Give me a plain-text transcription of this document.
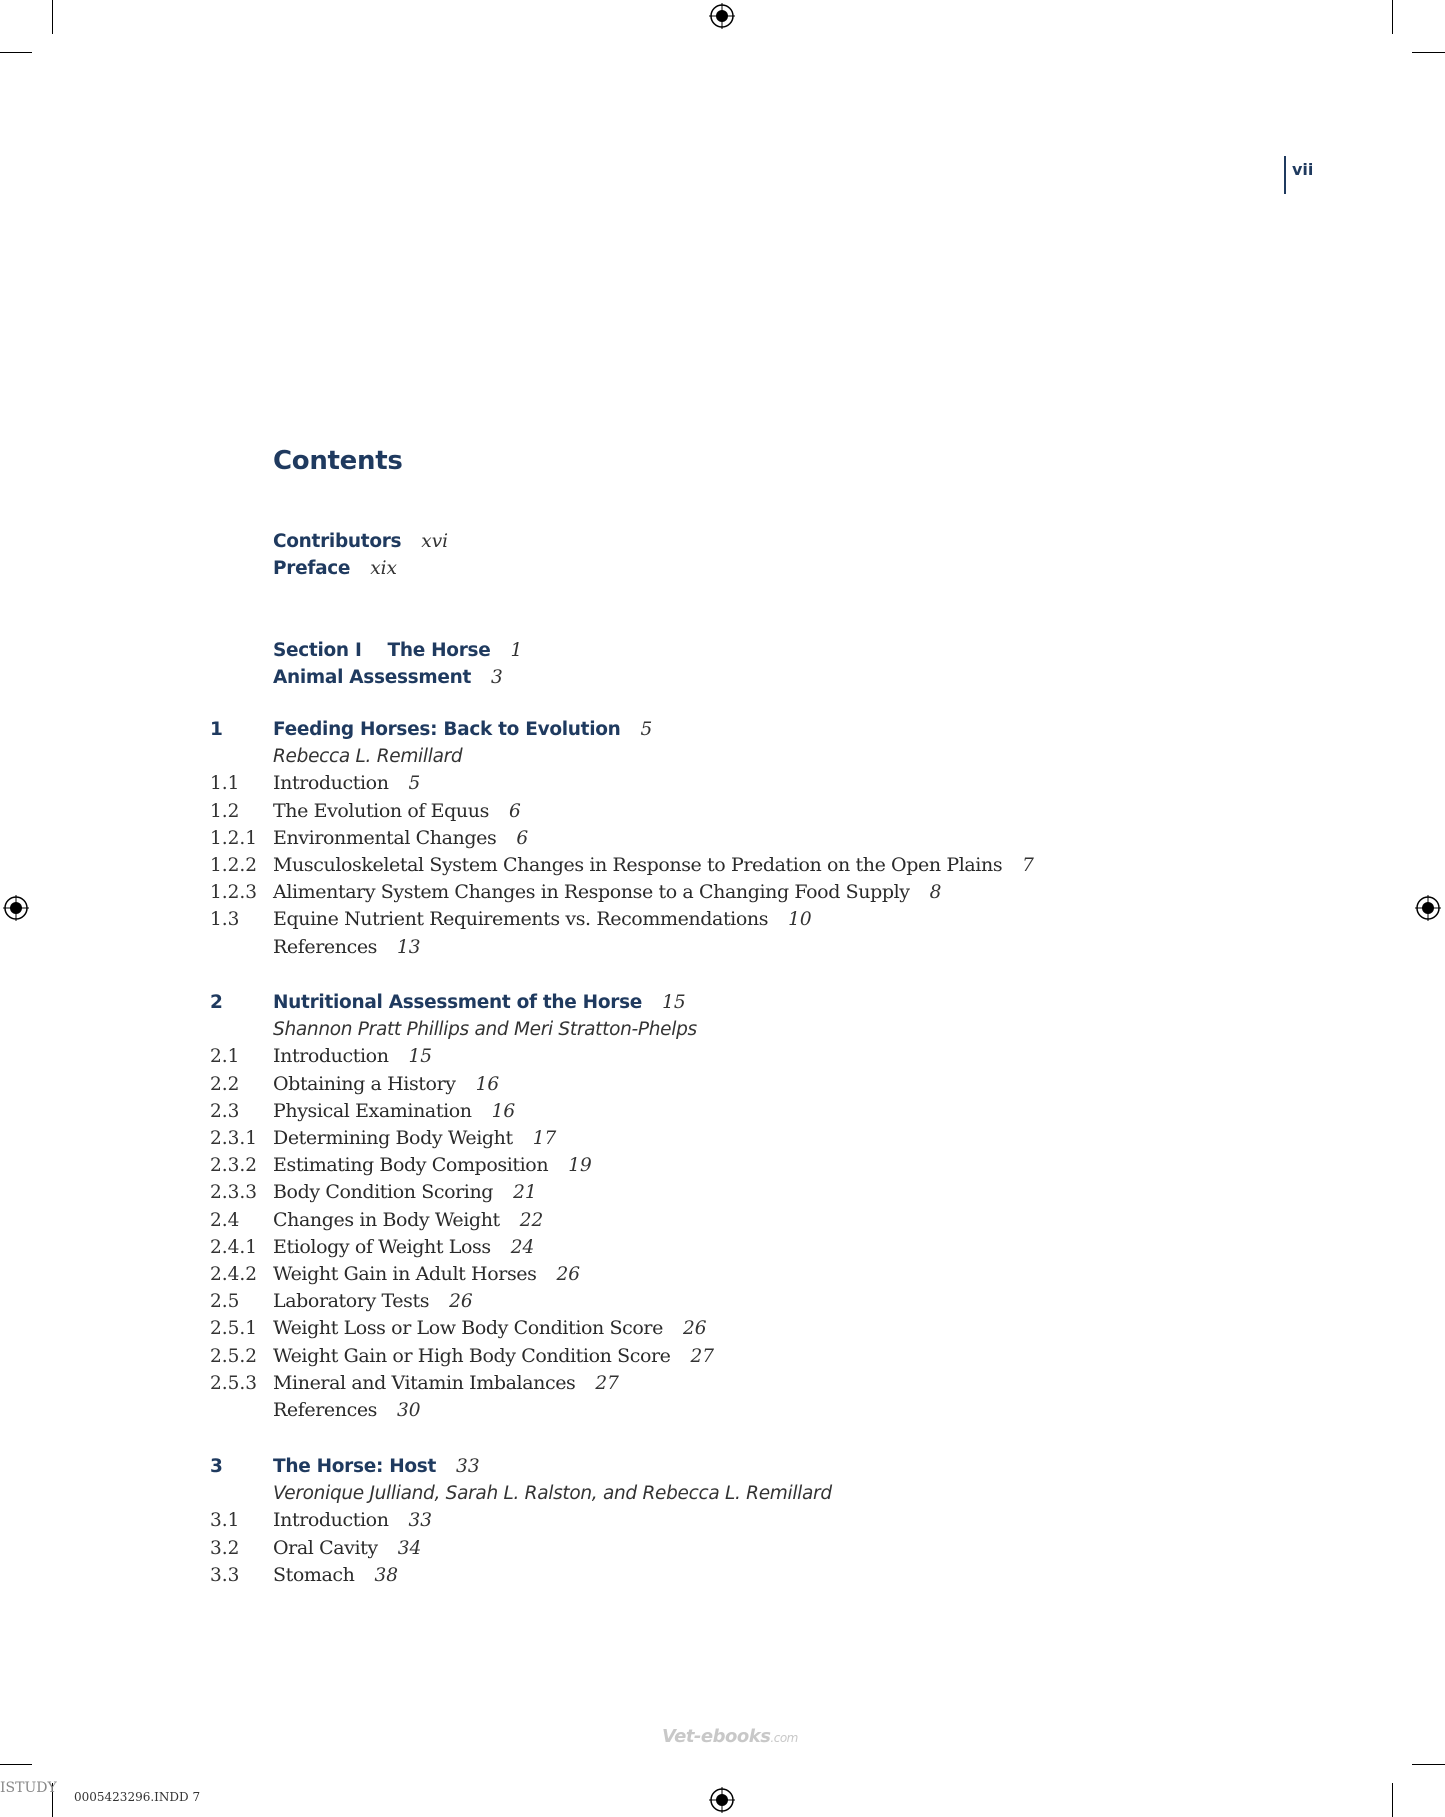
vii
Contents
Contributors xvi
Preface xix
Section I The Horse 1
Animal Assessment 3
1	Feeding Horses: Back to Evolution 5
Rebecca L. Remillard
1.1 Introduction 5
1.2 The Evolution of Equus 6
1.2.1 Environmental Changes 6
1.2.2 Musculoskeletal System Changes in Response to Predation on the Open Plains 7
1.2.3 Alimentary System Changes in Response to a Changing Food Supply 8
1.3 Equine Nutrient Requirements vs. Recommendations 10
References 13
2	Nutritional Assessment of the Horse 15
Shannon Pratt Phillips and Meri Stratton-Phelps
2.1 Introduction 15
2.2 Obtaining a History 16
2.3 Physical Examination 16
2.3.1 Determining Body Weight 17
2.3.2 Estimating Body Composition 19
2.3.3 Body Condition Scoring 21
2.4 Changes in Body Weight 22
2.4.1 Etiology of Weight Loss 24
2.4.2 Weight Gain in Adult Horses 26
2.5 Laboratory Tests 26
2.5.1 Weight Loss or Low Body Condition Score 26
2.5.2 Weight Gain or High Body Condition Score 27
2.5.3 Mineral and Vitamin Imbalances 27
References 30
3	The Horse: Host 33
Veronique Julliand, Sarah L. Ralston, and Rebecca L. Remillard
3.1 Introduction 33
3.2 Oral Cavity 34
3.3 Stomach 38
ISTUDY
0005423296.INDD 7
Vet-ebooks.com
